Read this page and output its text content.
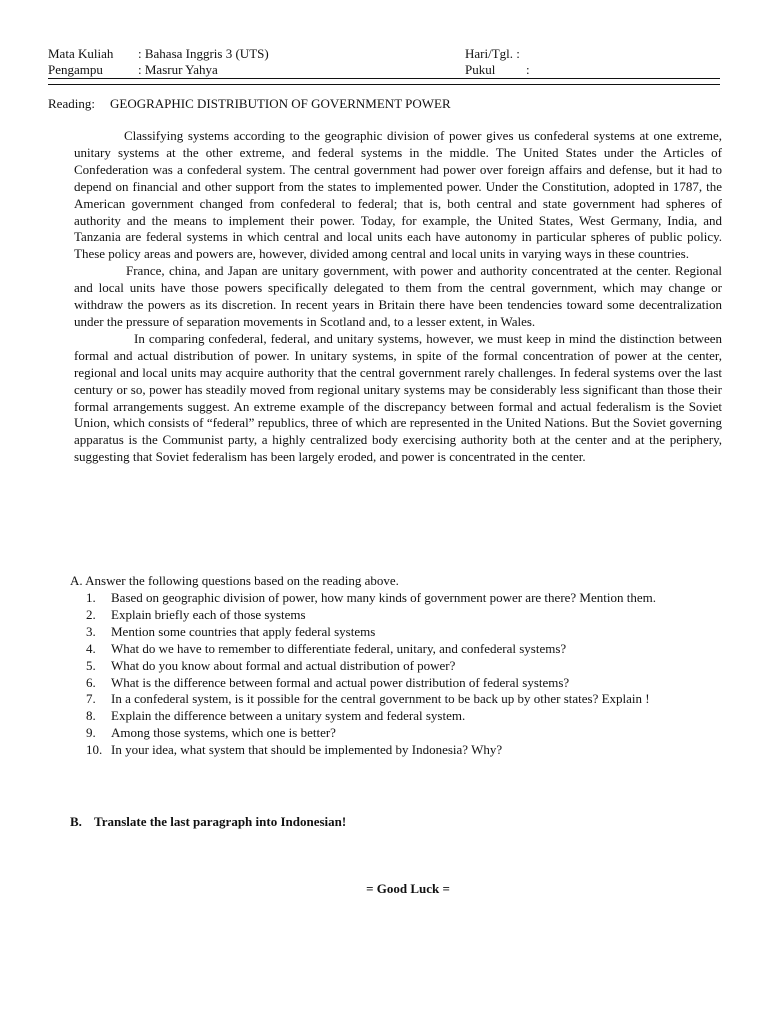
Mata Kuliah : Bahasa Inggris 3 (UTS)
Pengampu	: Masrur Yahya
Hari/Tgl. :
Pukul :
Reading: GEOGRAPHIC DISTRIBUTION OF GOVERNMENT POWER

Classifying systems according to the geographic division of power gives us confederal systems at one extreme, unitary systems at the other extreme, and federal systems in the middle. The United States under the Articles of Confederation was a confederal system. The central government had power over foreign affairs and defense, but it had to depend on financial and other support from the states to implemented power. Under the Constitution, adopted in 1787, the American government changed from confederal to federal; that is, both central and state government had spheres of authority and the means to implement their power. Today, for example, the United States, West Germany, India, and Tanzania are federal systems in which central and local units each have autonomy in particular spheres of public policy. These policy areas and powers are, however, divided among central and local units in varying ways in these countries.

France, china, and Japan are unitary government, with power and authority concentrated at the center. Regional and local units have those powers specifically delegated to them from the central government, which may change or withdraw the powers as its discretion. In recent years in Britain there have been tendencies toward some decentralization under the pressure of separation movements in Scotland and, to a lesser extent, in Wales.

In comparing confederal, federal, and unitary systems, however, we must keep in mind the distinction between formal and actual distribution of power. In unitary systems, in spite of the formal concentration of power at the center, regional and local units may acquire authority that the central government rarely challenges. In federal systems over the last century or so, power has steadily moved from regional unitary systems may be considerably less significant than those their formal arrangements suggest. An extreme example of the discrepancy between formal and actual federalism is the Soviet Union, which consists of “federal” republics, three of which are represented in the United Nations. But the Soviet governing apparatus is the Communist party, a highly centralized body exercising authority both at the center and at the periphery, suggesting that Soviet federalism has been largely eroded, and power is concentrated in the center.

A. Answer the following questions based on the reading above.
1.	Based on geographic division of power, how many kinds of government power are there? Mention them.
2.	Explain briefly each of those systems
3.	Mention some countries that apply federal systems
4.	What do we have to remember to differentiate federal, unitary, and confederal systems?
5.	What do you know about formal and actual distribution of power?
6.	What is the difference between formal and actual power distribution of federal systems?
7.	In a confederal system, is it possible for the central government to be back up by other states? Explain !
8.	Explain the difference between a unitary system and federal system.
9.	Among those systems, which one is better?
10. In your idea, what system that should be implemented by Indonesia? Why?
B. Translate the last paragraph into Indonesian!
= Good Luck =
